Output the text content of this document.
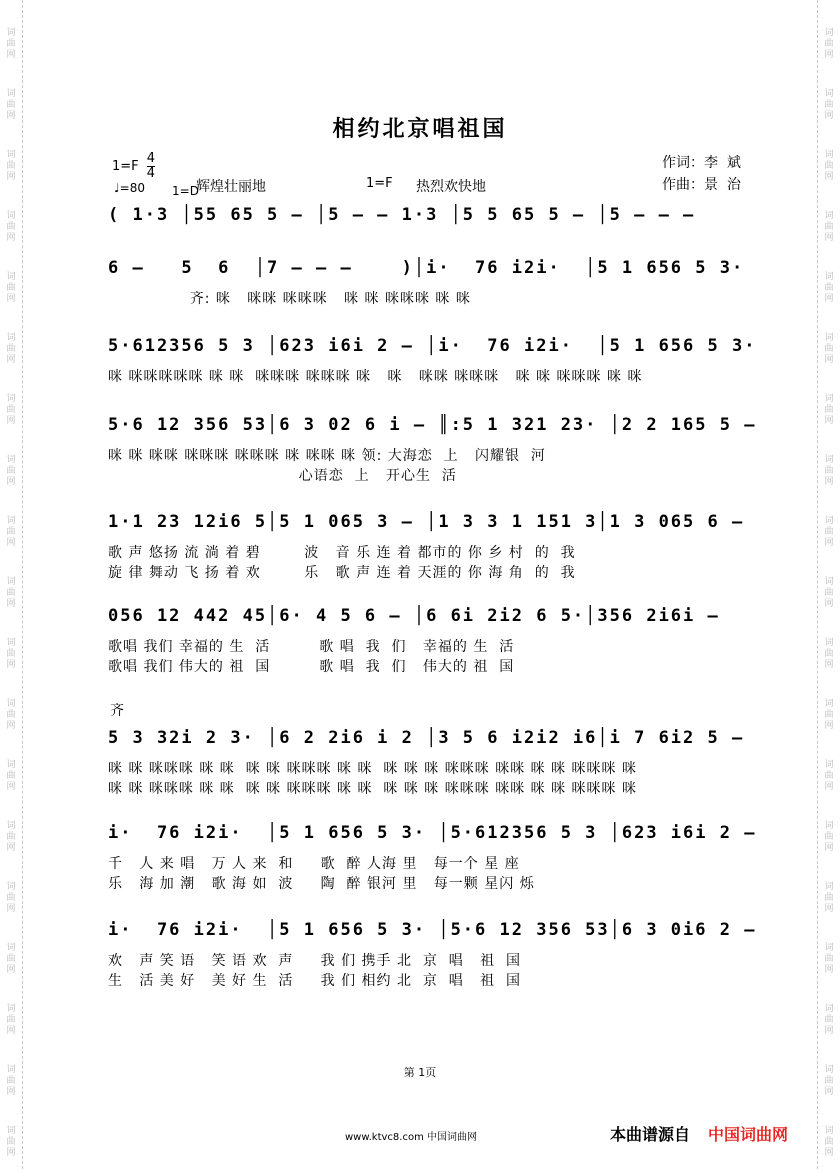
词曲网
词曲网
词曲网
词曲网
词曲网
词曲网
词曲网
词曲网
词曲网
词曲网
词曲网
词曲网
词曲网
词曲网
词曲网
词曲网
词曲网
词曲网
词曲网
词曲网
词曲网
词曲网
词曲网
词曲网
词曲网
词曲网
词曲网
词曲网
词曲网
词曲网
词曲网
词曲网
词曲网
词曲网
词曲网
词曲网
词曲网
词曲网
相约北京唱祖国
$1=F \frac{4}{4}$
♩=80 1=D
辉煌壮丽地	1=F 热烈欢快地
作词：李  斌
作曲：景  治
( 1·3 │55 65 5 — │5 — — 1·3 │5 5 65 5 — │5 — — —
6 —   5  6  │7 — — —    )│i·  76 i2i·  │5 1 656 5 3·
齐: 咪   咪咪 咪咪咪   咪 咪 咪咪咪 咪 咪
5·612356 5 3 │623 i6i 2 — │i·  76 i2i·  │5 1 656 5 3·
咪 咪咪咪咪咪 咪 咪  咪咪咪 咪咪咪 咪   咪   咪咪 咪咪咪   咪 咪 咪咪咪 咪 咪
5·6 12 356 53│6 3 02 6 i — ║:5 1 321 23· │2 2 165 5 —
咪 咪 咪咪 咪咪咪 咪咪咪 咪 咪咪 咪 领: 大海恋  上   闪耀银  河
心语恋  上   开心生  活
1·1 23 12i6 5│5 1 065 3 — │1 3 3 1 151 3│1 3 065 6 —
歌 声 悠扬 流 淌 着 碧        波   音 乐 连 着 都市的 你 乡 村  的  我
旋 律 舞动 飞 扬 着 欢        乐   歌 声 连 着 天涯的 你 海 角  的  我
056 12 442 45│6· 4 5 6 — │6 6i 2i2 6 5·│356 2i6i —
歌唱 我们 幸福的 生  活         歌 唱  我  们   幸福的 生  活
歌唱 我们 伟大的 祖  国         歌 唱  我  们   伟大的 祖  国
齐
5 3 32i 2 3· │6 2 2i6 i 2 │3 5 6 i2i2 i6│i 7 6i2 5 —
咪 咪 咪咪咪 咪 咪  咪 咪 咪咪咪 咪 咪  咪 咪 咪 咪咪咪 咪咪 咪 咪 咪咪咪 咪
咪 咪 咪咪咪 咪 咪  咪 咪 咪咪咪 咪 咪  咪 咪 咪 咪咪咪 咪咪 咪 咪 咪咪咪 咪
i·  76 i2i·  │5 1 656 5 3· │5·612356 5 3 │623 i6i 2 —
千   人 来 唱   万 人 来  和     歌  醉 人海 里   每一个 星 座
乐   海 加 潮   歌 海 如  波     陶  醉 银河 里   每一颗 星闪 烁
i·  76 i2i·  │5 1 656 5 3· │5·6 12 356 53│6 3 0i6 2 —
欢   声 笑 语   笑 语 欢  声     我 们 携手 北  京  唱   祖  国
生   活 美 好   美 好 生  活     我 们 相约 北  京  唱   祖  国
第 1页
www.ktvc8.com 中国词曲网	本曲谱源自 中国词曲网
